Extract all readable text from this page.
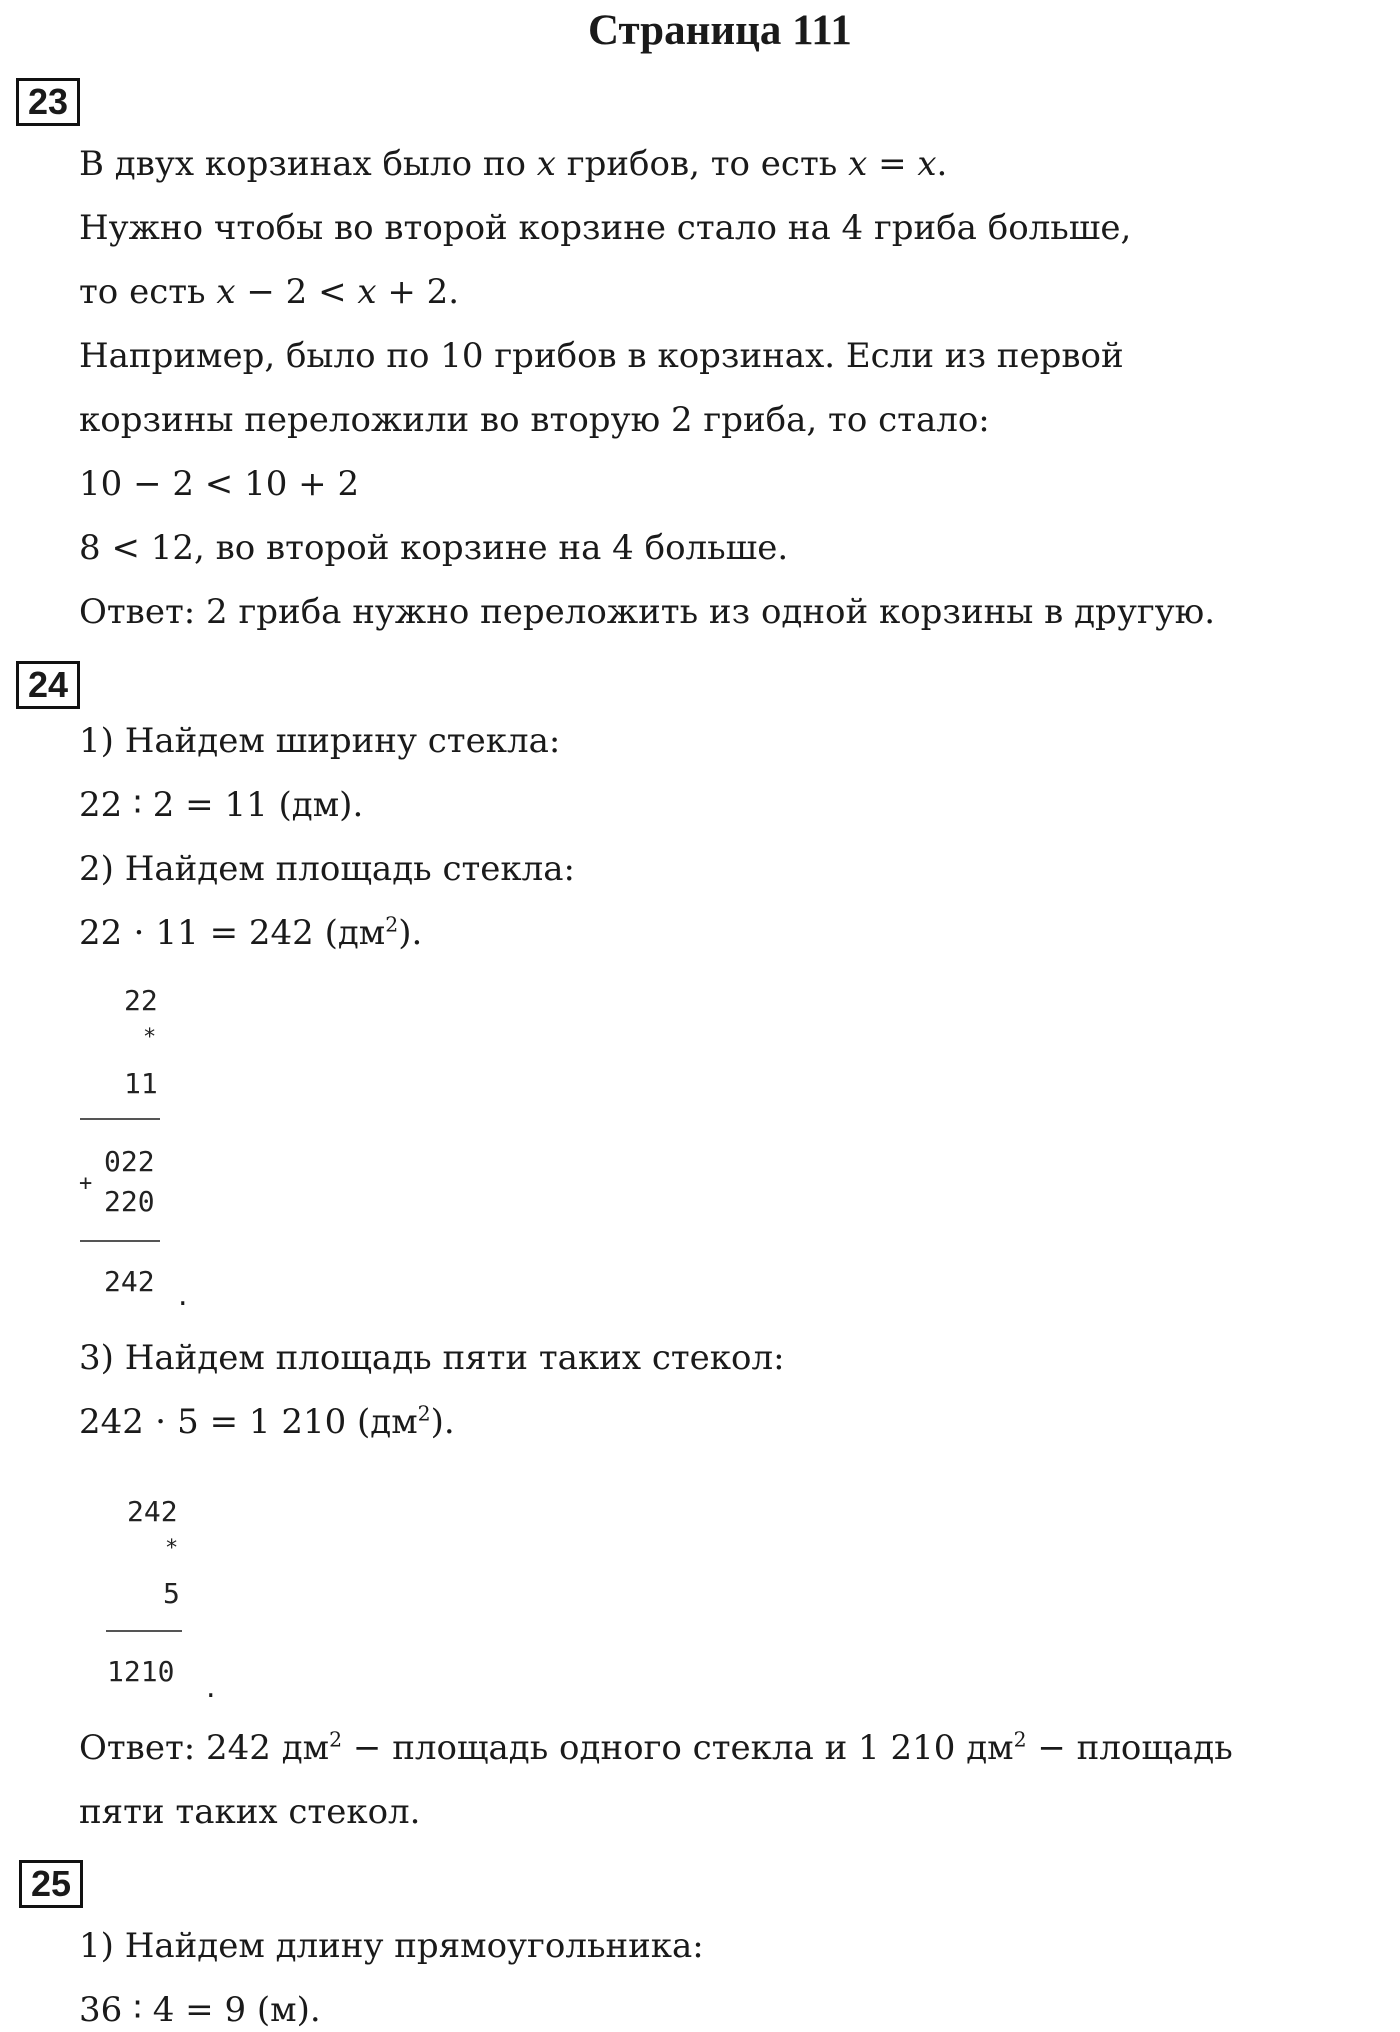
Страница 111
23
В двух корзинах было по 𝑥 грибов, то есть 𝑥 = 𝑥.
Нужно чтобы во второй корзине стало на 4 гриба больше,
то есть 𝑥 − 2 < 𝑥 + 2.
Например, было по 10 грибов в корзинах. Если из первой
корзины переложили во вторую 2 гриба, то стало:
10 − 2 < 10 + 2
8 < 12, во второй корзине на 4 больше.
Ответ: 2 гриба нужно переложить из одной корзины в другую.
24
1) Найдем ширину стекла:
22 ∶ 2 = 11 (дм).
2) Найдем площадь стекла:
22 ⋅ 11 = 242 $(дм^2)$.
22
*
11
+
022
220
242 .
3) Найдем площадь пяти таких стекол:
242 ⋅ 5 = 1 210 $(дм^2)$.
242
*
5
1210 .
Ответ: 242 $дм^2$ − площадь одного стекла и 1 210 $дм^2$ − площадь
пяти таких стекол.
25
1) Найдем длину прямоугольника:
36 ∶ 4 = 9 (м).
